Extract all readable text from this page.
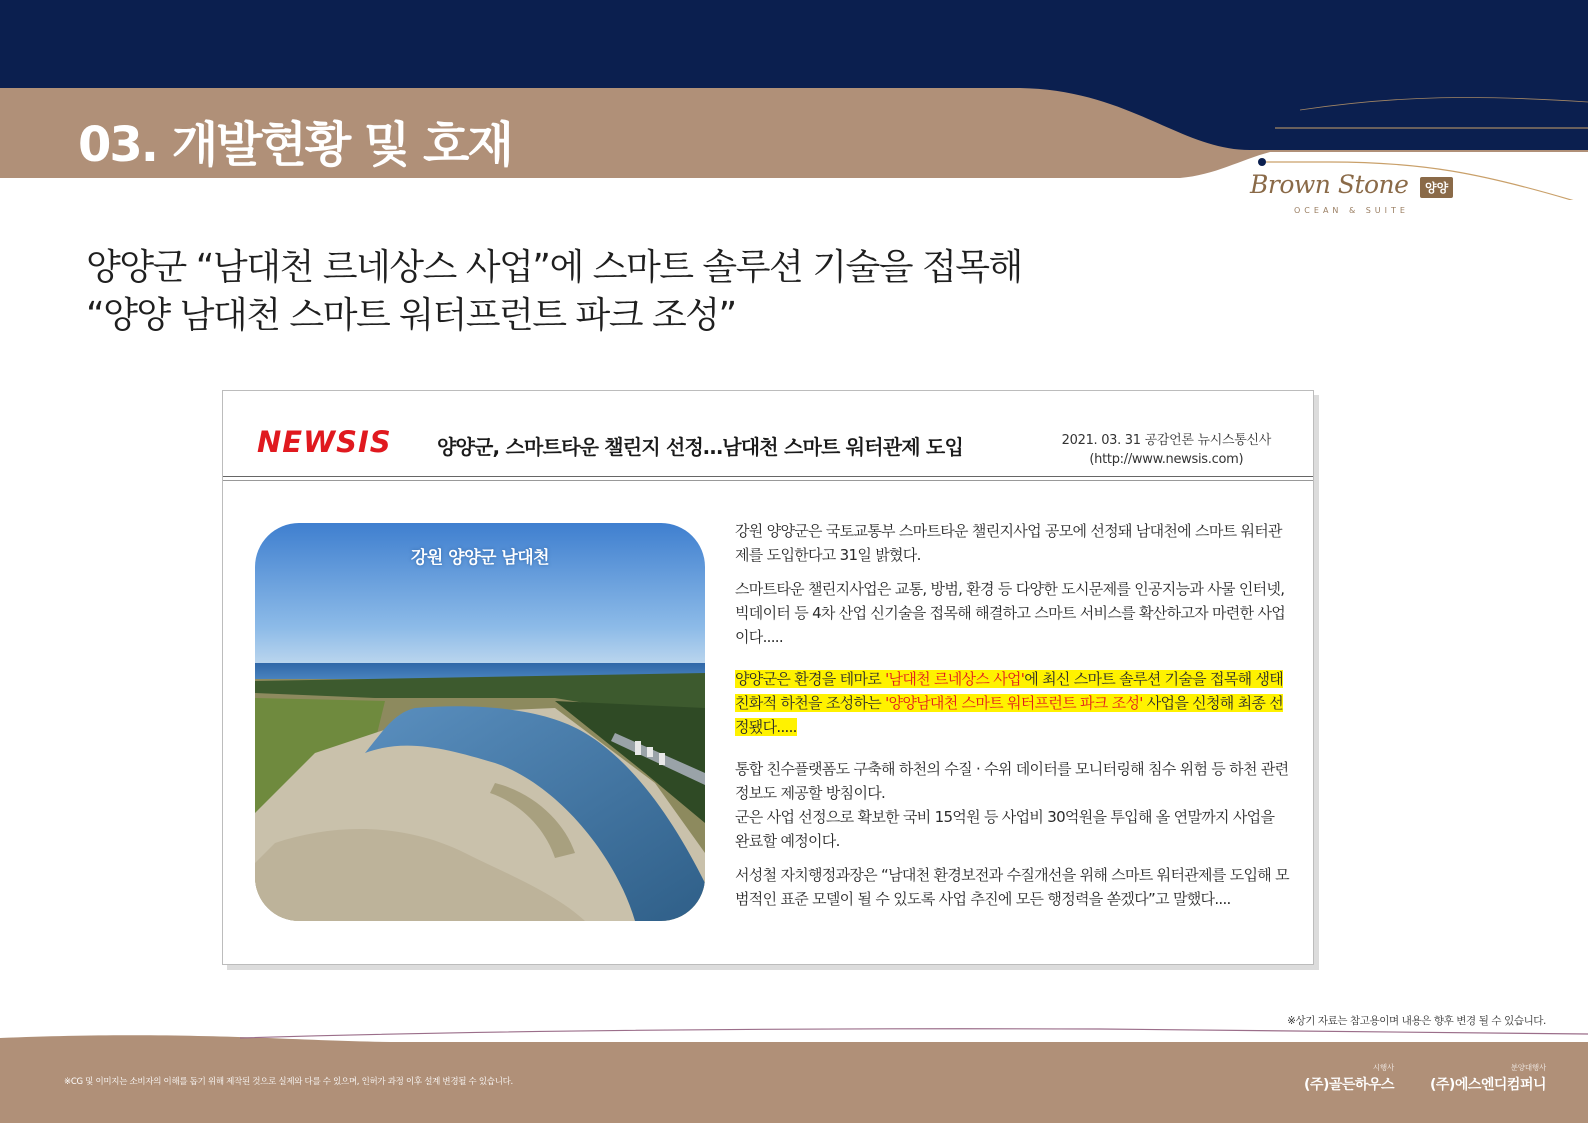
03. 개발현황 및 호재
Brown Stone	양양
OCEAN & SUITE
양양군 “남대천 르네상스 사업”에 스마트 솔루션 기술을 접목해
“양양 남대천 스마트 워터프런트 파크 조성”
NEWSIS 양양군, 스마트타운 챌린지 선정…남대천 스마트 워터관제 도입	2021. 03. 31 공감언론 뉴시스통신사
(http://www.newsis.com)
강원 양양군 남대천

강원 양양군은 국토교통부 스마트타운 챌린지사업 공모에 선정돼 남대천에 스마트 워터관제를 도입한다고 31일 밝혔다.

스마트타운 챌린지사업은 교통, 방범, 환경 등 다양한 도시문제를 인공지능과 사물 인터넷, 빅데이터 등 4차 산업 신기술을 접목해 해결하고 스마트 서비스를 확산하고자 마련한 사업이다.....

양양군은 환경을 테마로 '남대천 르네상스 사업'에 최신 스마트 솔루션 기술을 접목해 생태 친화적 하천을 조성하는 '양양남대천 스마트 워터프런트 파크 조성' 사업을 신청해 최종 선정됐다.....

통합 친수플랫폼도 구축해 하천의 수질 · 수위 데이터를 모니터링해 침수 위험 등 하천 관련 정보도 제공할 방침이다.

군은 사업 선정으로 확보한 국비 15억원 등 사업비 30억원을 투입해 올 연말까지 사업을 완료할 예정이다.

서성철 자치행정과장은 “남대천 환경보전과 수질개선을 위해 스마트 워터관제를 도입해 모범적인 표준 모델이 될 수 있도록 사업 추진에 모든 행정력을 쏟겠다”고 말했다....

※상기 자료는 참고용이며 내용은 향후 변경 될 수 있습니다.
※CG 및 이미지는 소비자의 이해를 돕기 위해 제작된 것으로 실제와 다를 수 있으며, 인허가 과정 이후 설계 변경될 수 있습니다.
시행사
(주)골든하우스
분양대행사
(주)에스엔디컴퍼니
